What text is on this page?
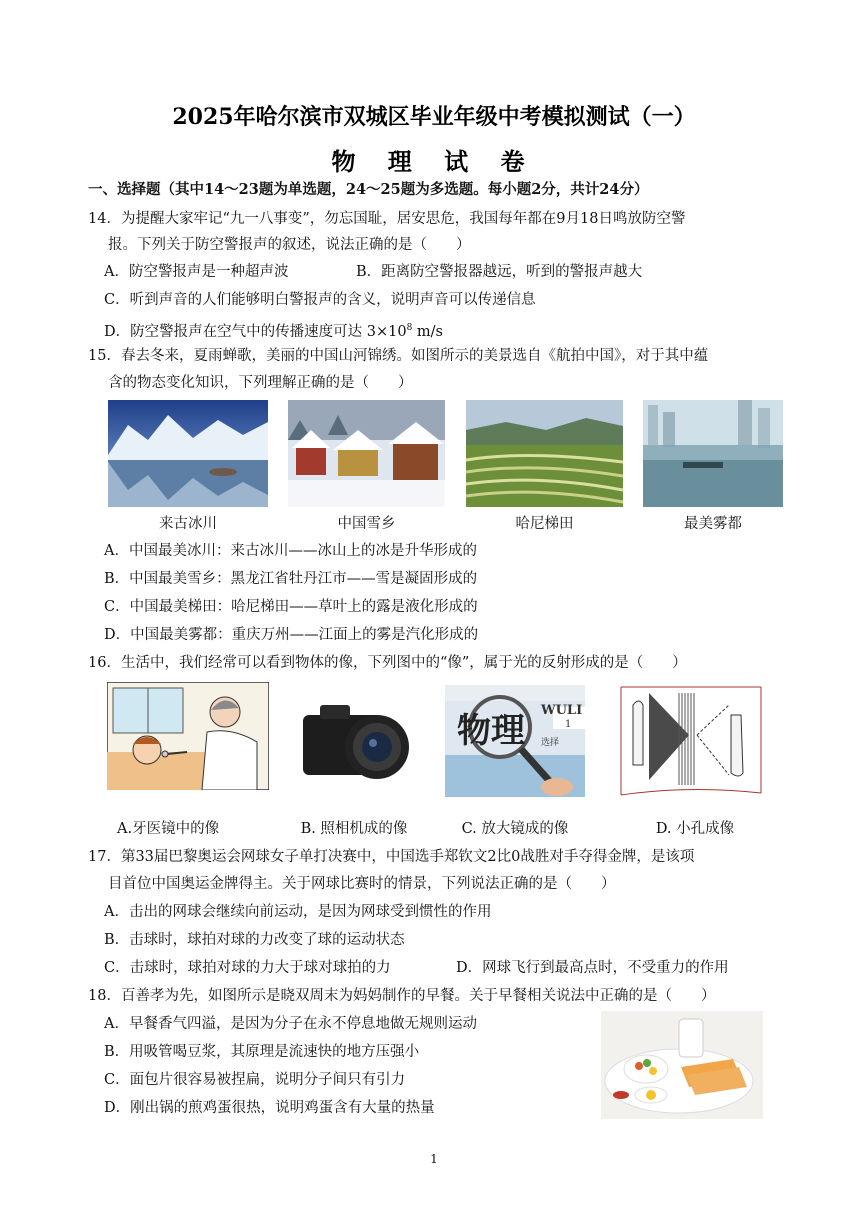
2025年哈尔滨市双城区毕业年级中考模拟测试（一）
物 理 试 卷
一、选择题（其中14～23题为单选题，24～25题为多选题。每小题2分，共计24分）
14．为提醒大家牢记“九一八事变”，勿忘国耻，居安思危，我国每年都在9月18日鸣放防空警
报。下列关于防空警报声的叙述，说法正确的是（　　）
A．防空警报声是一种超声波	B．距离防空警报器越远，听到的警报声越大
C．听到声音的人们能够明白警报声的含义，说明声音可以传递信息
D．防空警报声在空气中的传播速度可达 $3\times 10^8$ m/s
15．春去冬来，夏雨蝉歌，美丽的中国山河锦绣。如图所示的美景选自《航拍中国》，对于其中蕴
含的物态变化知识，下列理解正确的是（　　）
来古冰川	中国雪乡	哈尼梯田	最美雾都
A．中国最美冰川：来古冰川——冰山上的冰是升华形成的
B．中国最美雪乡：黑龙江省牡丹江市——雪是凝固形成的
C．中国最美梯田：哈尼梯田——草叶上的露是液化形成的
D．中国最美雾都：重庆万州——江面上的雾是汽化形成的
16．生活中，我们经常可以看到物体的像，下列图中的“像”，属于光的反射形成的是（　　）
物理
WULI
1
选择
A.牙医镜中的像	B. 照相机成的像	C. 放大镜成的像	D. 小孔成像
17．第33届巴黎奥运会网球女子单打决赛中，中国选手郑钦文2比0战胜对手夺得金牌，是该项
目首位中国奥运金牌得主。关于网球比赛时的情景，下列说法正确的是（　　）
A．击出的网球会继续向前运动，是因为网球受到惯性的作用
B．击球时，球拍对球的力改变了球的运动状态
C．击球时，球拍对球的力大于球对球拍的力	D．网球飞行到最高点时，不受重力的作用
18．百善孝为先，如图所示是晓双周末为妈妈制作的早餐。关于早餐相关说法中正确的是（　　）
A．早餐香气四溢，是因为分子在永不停息地做无规则运动
B．用吸管喝豆浆，其原理是流速快的地方压强小
C．面包片很容易被捏扁，说明分子间只有引力
D．刚出锅的煎鸡蛋很热，说明鸡蛋含有大量的热量
1
